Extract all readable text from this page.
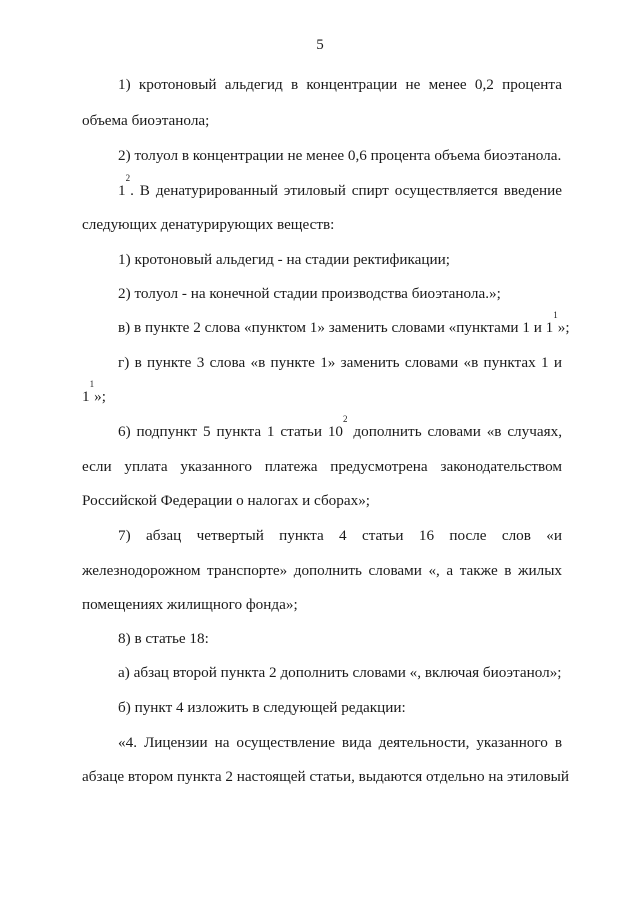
5
1) кротоновый альдегид в концентрации не менее 0,2 процента
объема биоэтанола;
2) толуол в концентрации не менее 0,6 процента объема биоэтанола.
$1^2$. В денатурированный этиловый спирт осуществляется введение
следующих денатурирующих веществ:
1) кротоновый альдегид - на стадии ректификации;
2) толуол - на конечной стадии производства биоэтанола.»;
в) в пункте 2 слова «пунктом 1» заменить словами «пунктами 1 и $1^1$»;
г) в пункте 3 слова «в пункте 1» заменить словами «в пунктах 1 и
$1^1$»;
6) подпункт 5 пункта 1 статьи $10^2$ дополнить словами «в случаях,
если уплата указанного платежа предусмотрена законодательством
Российской Федерации о налогах и сборах»;
7) абзац четвертый пункта 4 статьи 16 после слов «и
железнодорожном транспорте» дополнить словами «, а также в жилых
помещениях жилищного фонда»;
8) в статье 18:
а) абзац второй пункта 2 дополнить словами «, включая биоэтанол»;
б) пункт 4 изложить в следующей редакции:
«4. Лицензии на осуществление вида деятельности, указанного в
абзаце втором пункта 2 настоящей статьи, выдаются отдельно на этиловый
